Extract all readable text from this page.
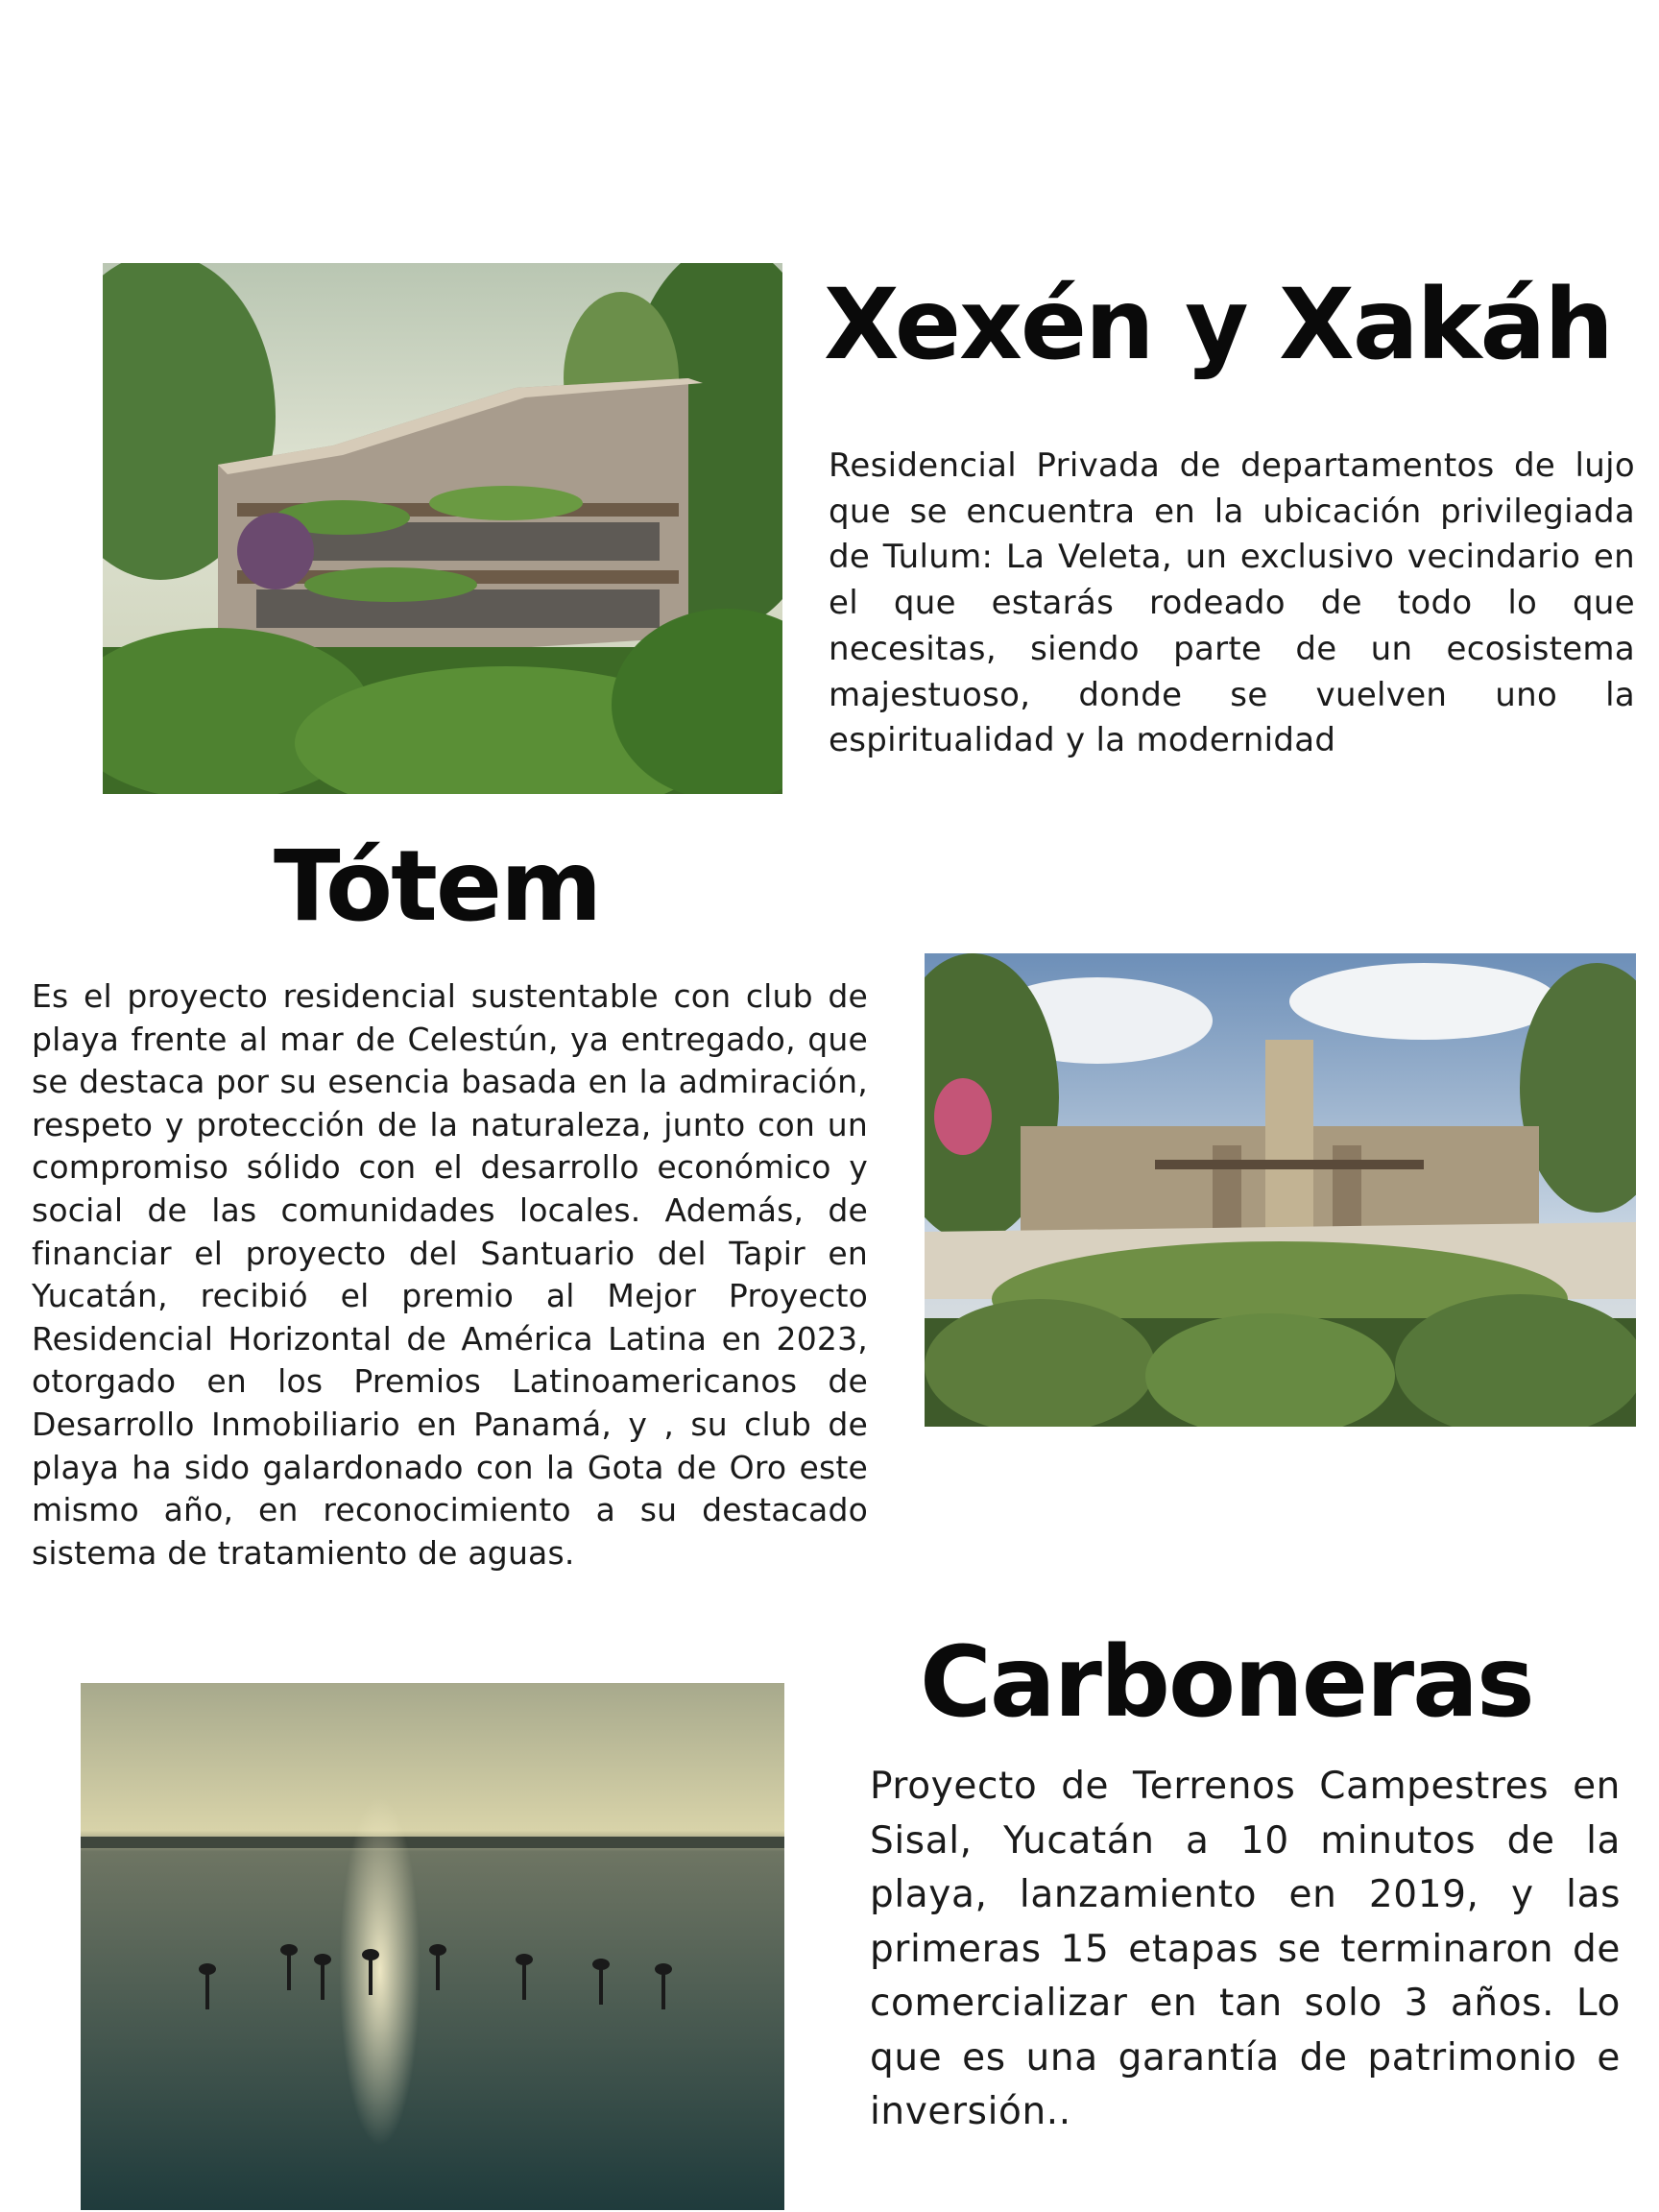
Xexén y Xakáh

Residencial Privada de departamentos de lujo que se encuentra en la ubicación privilegiada de Tulum: La Veleta, un exclusivo vecindario en el que estarás rodeado de todo lo que necesitas, siendo parte de un ecosistema majestuoso, donde se vuelven uno la espiritualidad y la modernidad

Tótem

Es el proyecto residencial sustentable con club de playa frente al mar de Celestún, ya entregado, que se destaca por su esencia basada en la admiración, respeto y protección de la naturaleza, junto con un compromiso sólido con el desarrollo económico y social de las comunidades locales. Además, de financiar el proyecto del Santuario del Tapir en Yucatán, recibió el premio al Mejor Proyecto Residencial Horizontal de América Latina en 2023, otorgado en los Premios Latinoamericanos de Desarrollo Inmobiliario en Panamá, y , su club de playa ha sido galardonado con la Gota de Oro este mismo año, en reconocimiento a su destacado sistema de tratamiento de aguas.

Carboneras

Proyecto de Terrenos Campestres en Sisal, Yucatán a 10 minutos de la playa, lanzamiento en 2019, y las primeras 15 etapas se terminaron de comercializar en tan solo 3 años. Lo que es una garantía de patrimonio e inversión..
